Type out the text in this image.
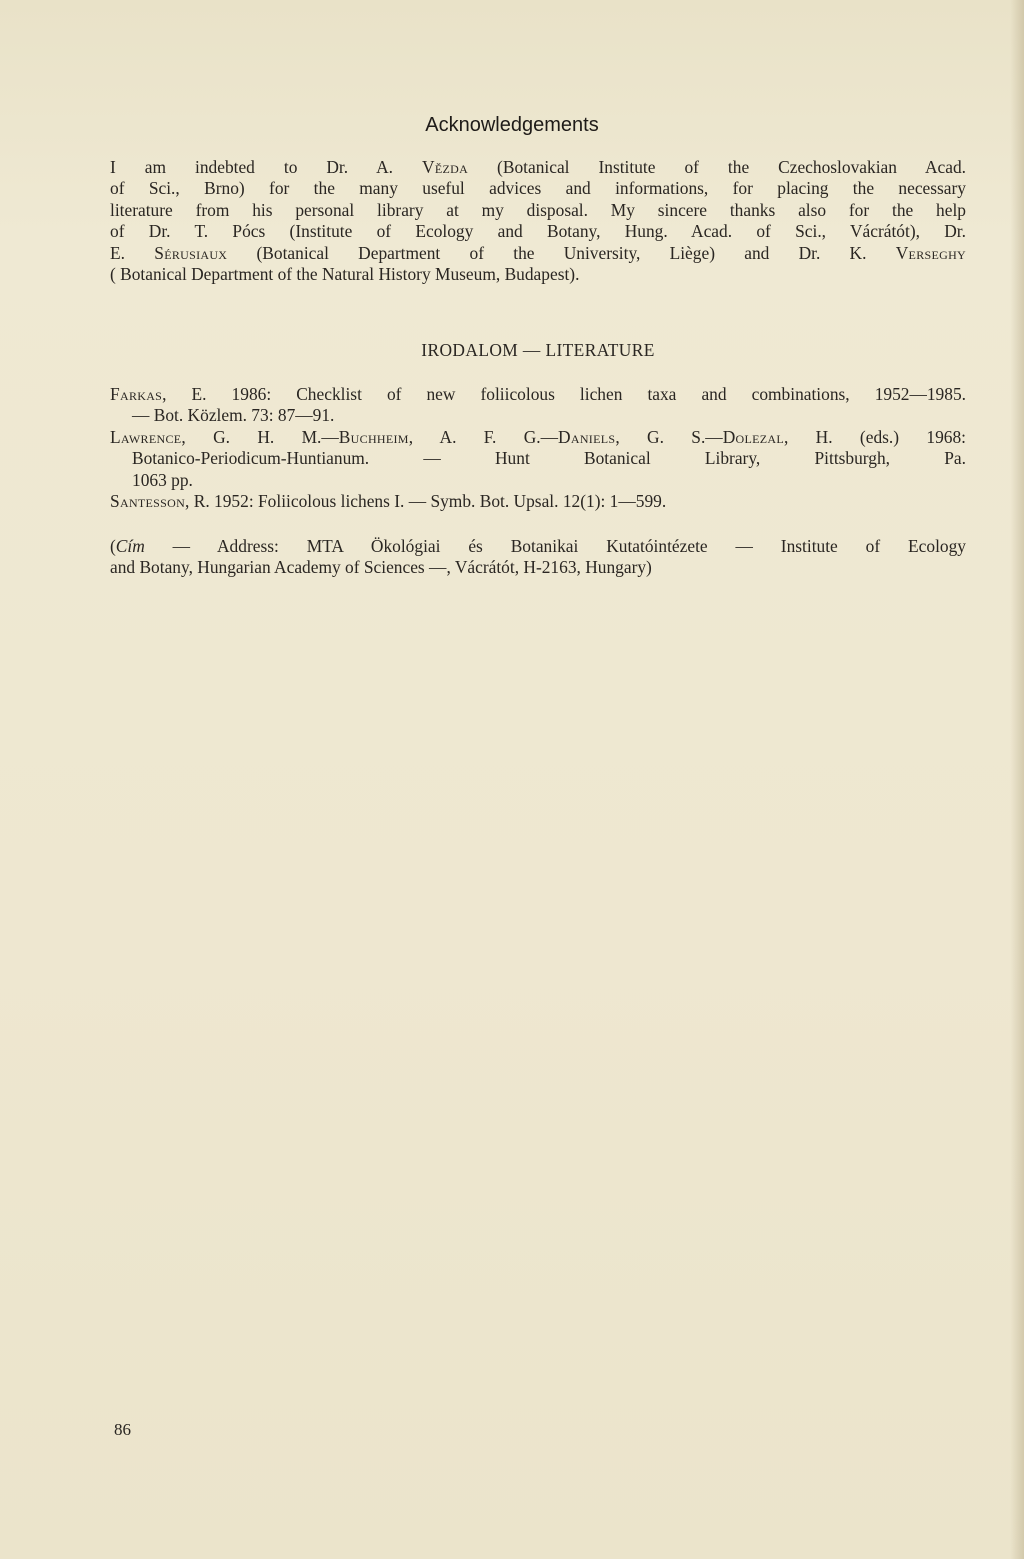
Acknowledgements
I am indebted to Dr. A. Vězda (Botanical Institute of the Czechoslovakian Acad.
of Sci., Brno) for the many useful advices and informations, for placing the necessary
literature from his personal library at my disposal. My sincere thanks also for the help
of Dr. T. Pócs (Institute of Ecology and Botany, Hung. Acad. of Sci., Vácrátót), Dr.
E. Sérusiaux (Botanical Department of the University, Liège) and Dr. K. Verseghy
( Botanical Department of the Natural History Museum, Budapest).
IRODALOM — LITERATURE
Farkas, E. 1986: Checklist of new foliicolous lichen taxa and combinations, 1952—1985.
— Bot. Közlem. 73: 87—91.
Lawrence, G. H. M.—Buchheim, A. F. G.—Daniels, G. S.—Dolezal, H. (eds.) 1968:
Botanico-Periodicum-Huntianum. — Hunt Botanical Library, Pittsburgh, Pa.
1063 pp.
Santesson, R. 1952: Foliicolous lichens I. — Symb. Bot. Upsal. 12(1): 1—599.
(Cím — Address: MTA Ökológiai és Botanikai Kutatóintézete — Institute of Ecology
and Botany, Hungarian Academy of Sciences —, Vácrátót, H-2163, Hungary)
86
